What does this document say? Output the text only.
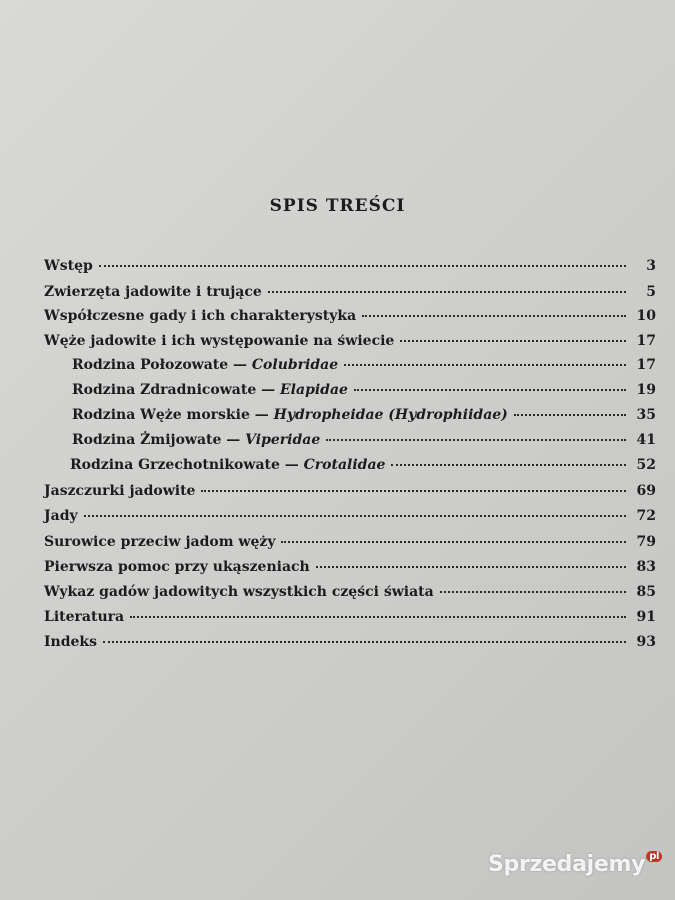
SPIS TREŚCI
Wstęp	3
Zwierzęta jadowite i trujące	5
Współczesne gady i ich charakterystyka	10
Węże jadowite i ich występowanie na świecie	17
Rodzina Połozowate — Colubridae	17
Rodzina Zdradnicowate — Elapidae	19
Rodzina Węże morskie — Hydropheidae (Hydrophiidae)	35
Rodzina Żmijowate — Viperidae	41
Rodzina Grzechotnikowate — Crotalidae	52
Jaszczurki jadowite	69
Jady	72
Surowice przeciw jadom węży	79
Pierwsza pomoc przy ukąszeniach	83
Wykaz gadów jadowitych wszystkich części świata	85
Literatura	91
Indeks	93
Sprzedajemy $^{pl}$
